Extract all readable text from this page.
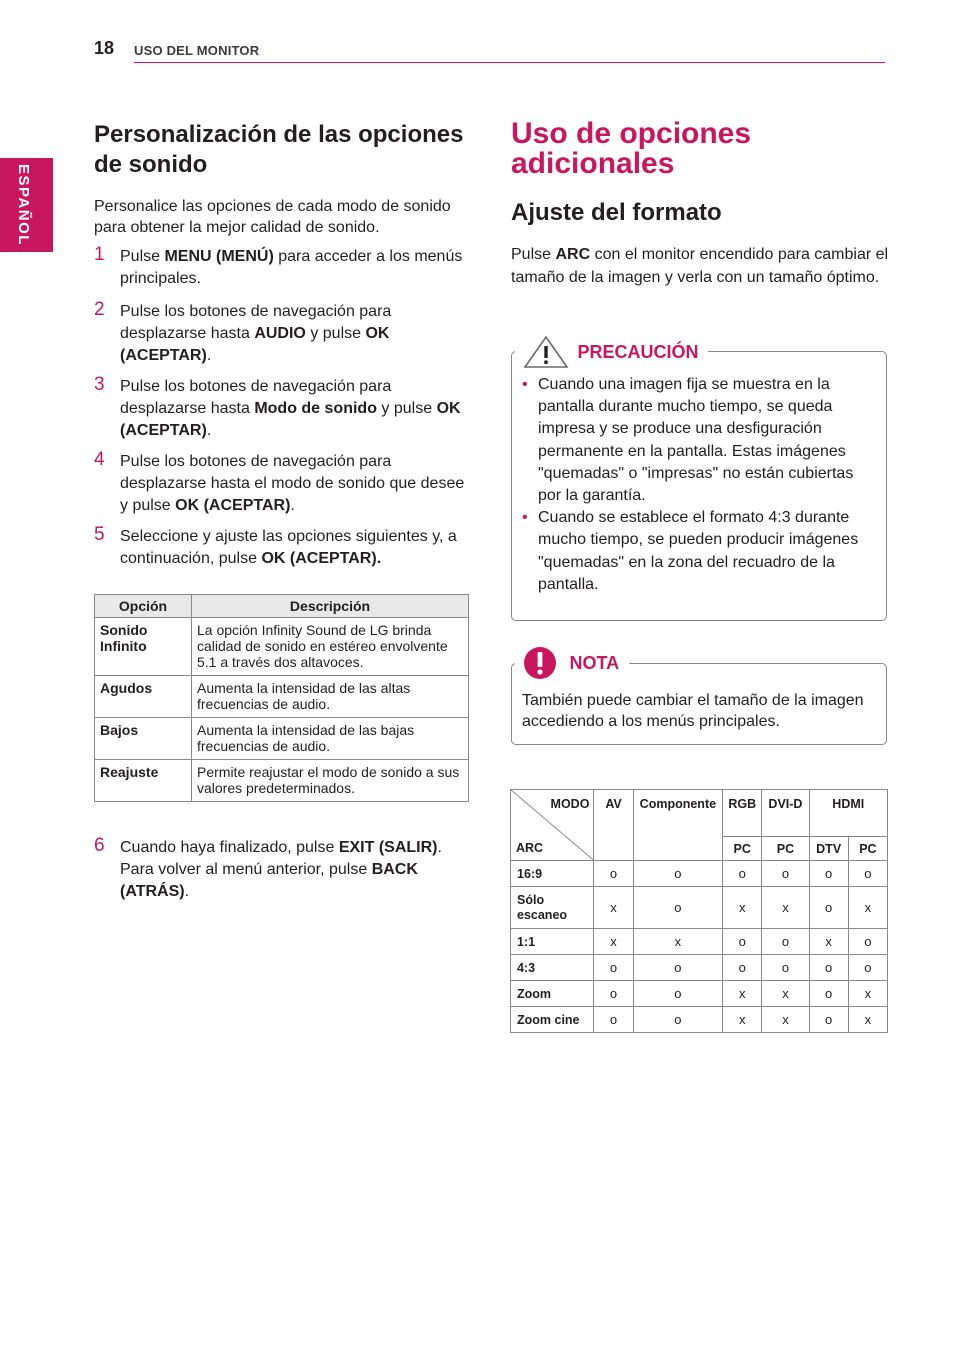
18 USO DEL MONITOR
ESPAÑOL
Personalización de las opciones de sonido
Personalice las opciones de cada modo de sonido para obtener la mejor calidad de sonido.
1 Pulse MENU (MENÚ) para acceder a los menús principales.
2 Pulse los botones de navegación para desplazarse hasta AUDIO y pulse OK (ACEPTAR).
3 Pulse los botones de navegación para desplazarse hasta Modo de sonido y pulse OK (ACEPTAR).
4 Pulse los botones de navegación para desplazarse hasta el modo de sonido que desee y pulse OK (ACEPTAR).
5 Seleccione y ajuste las opciones siguientes y, a continuación, pulse OK (ACEPTAR).
Opción	Descripción
Sonido Infinito	La opción Infinity Sound de LG brinda calidad de sonido en estéreo envolvente 5.1 a través dos altavoces.
Agudos	Aumenta la intensidad de las altas frecuencias de audio.
Bajos	Aumenta la intensidad de las bajas frecuencias de audio.
Reajuste	Permite reajustar el modo de sonido a sus valores predeterminados.
6 Cuando haya finalizado, pulse EXIT (SALIR). Para volver al menú anterior, pulse BACK (ATRÁS).
Uso de opciones adicionales
Ajuste del formato
Pulse ARC con el monitor encendido para cambiar el tamaño de la imagen y verla con un tamaño óptimo.
PRECAUCIÓN
• Cuando una imagen fija se muestra en la pantalla durante mucho tiempo, se queda impresa y se produce una desfiguración permanente en la pantalla. Estas imágenes "quemadas" o "impresas" no están cubiertas por la garantía.
• Cuando se establece el formato 4:3 durante mucho tiempo, se pueden producir imágenes "quemadas" en la zona del recuadro de la pantalla.
NOTA
También puede cambiar el tamaño de la imagen accediendo a los menús principales.
MODO
ARC	AV	Componente	RGB	DVI-D	HDMI	
			PC	PC	DTV	PC
16:9	o	o	o	o	o	o
Sólo escaneo	x	o	x	x	o	x
1:1	x	x	o	o	x	o
4:3	o	o	o	o	o	o
Zoom	o	o	x	x	o	x
Zoom cine	o	o	x	x	o	x
